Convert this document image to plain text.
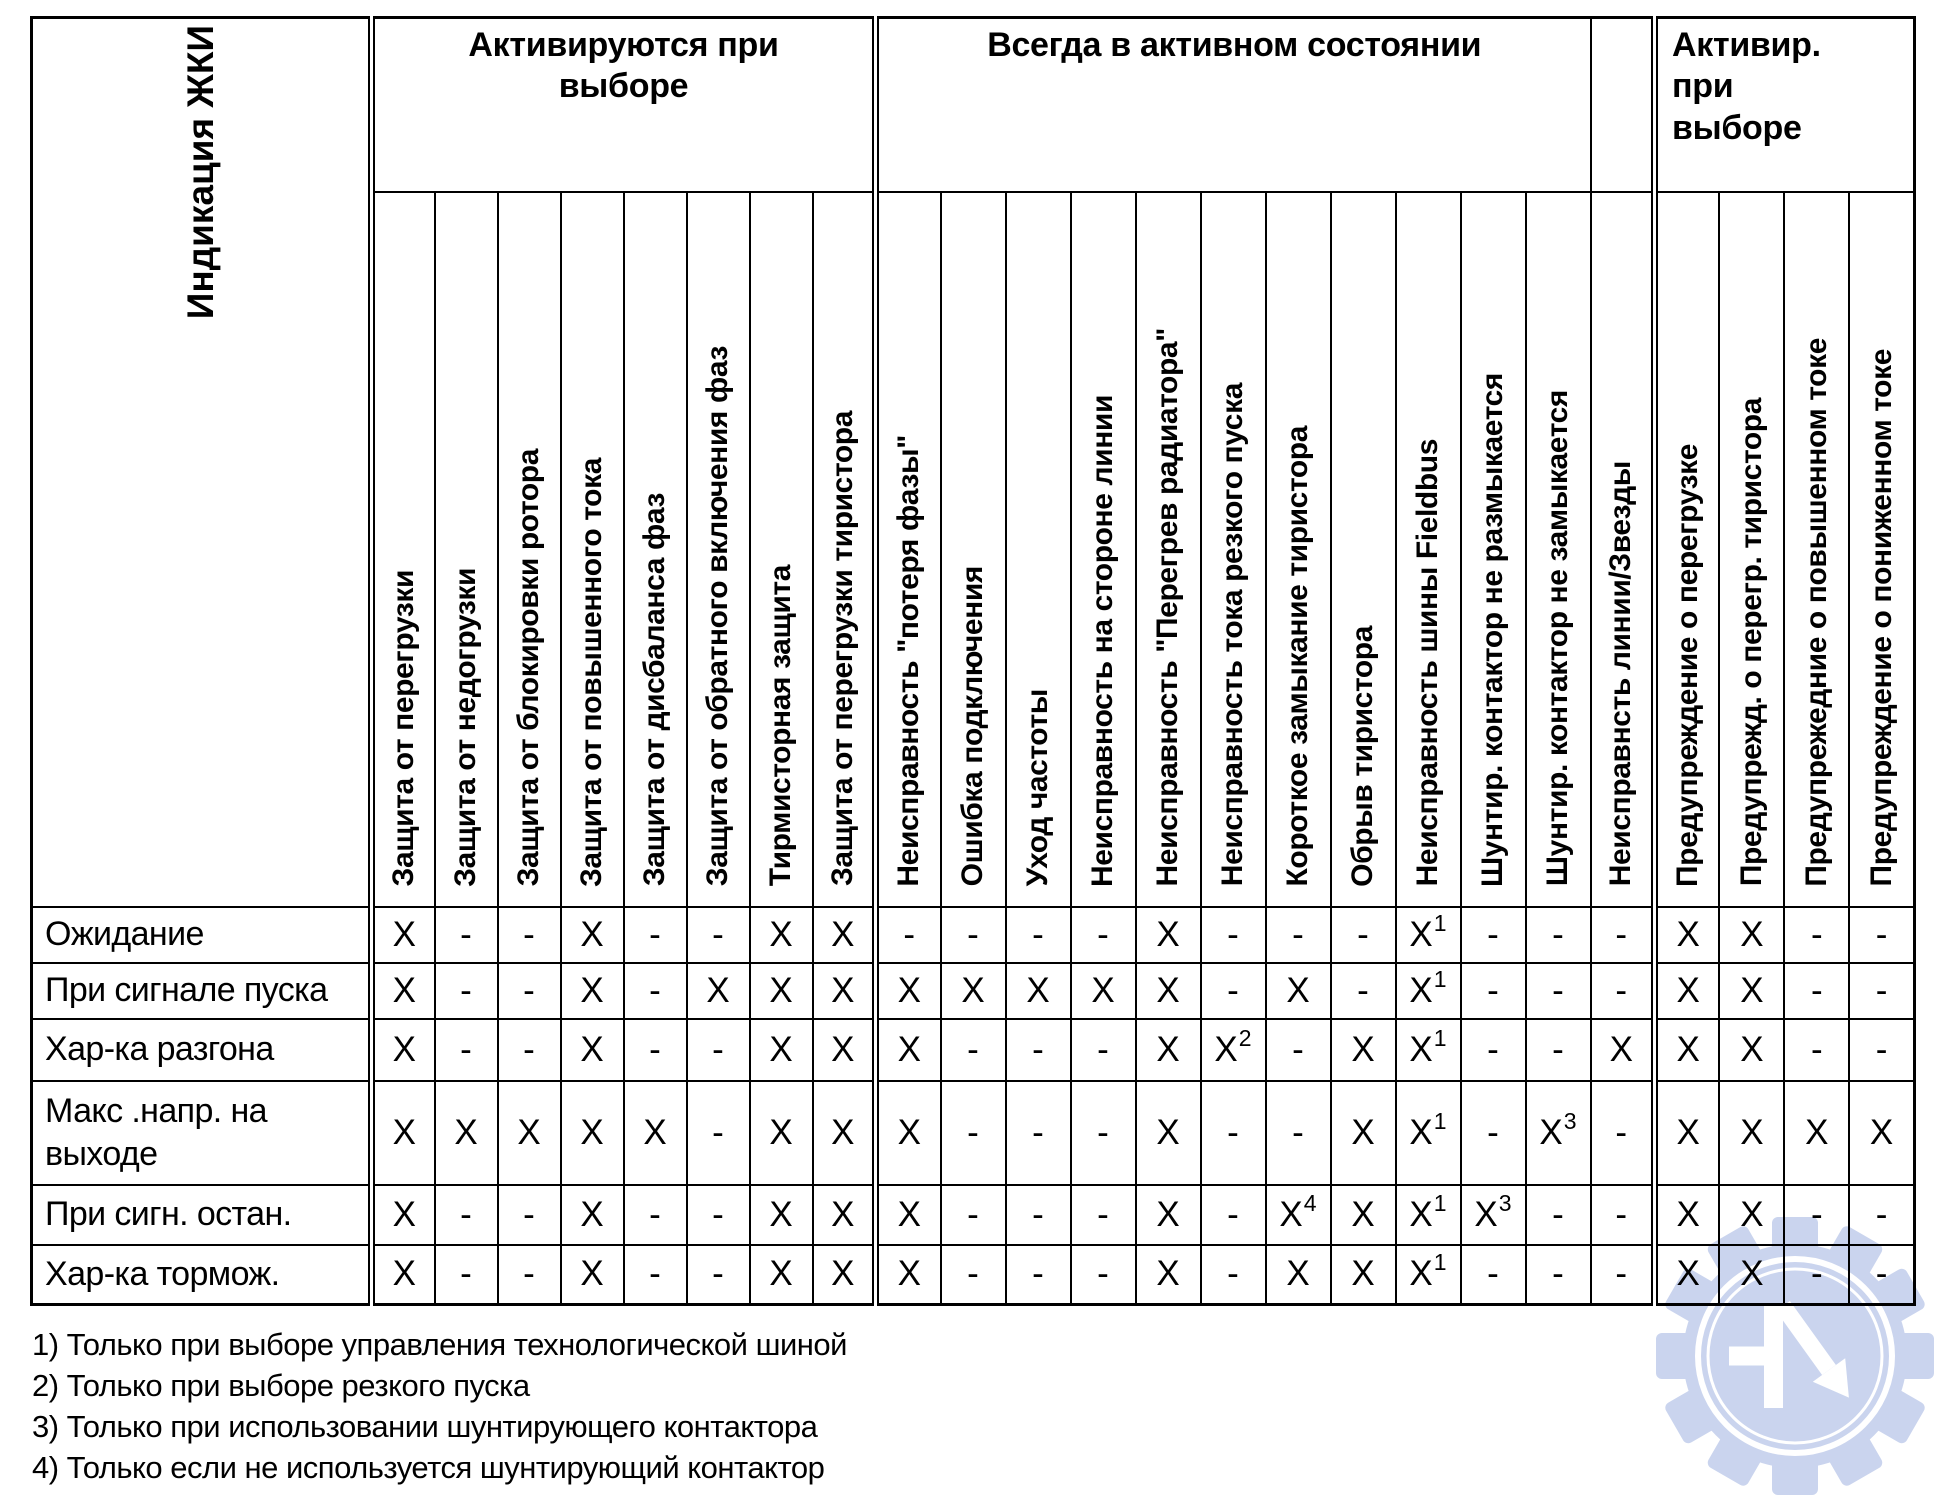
Индикация ЖКИ	Активируются при выборе								Всегда в активном состоянии												Активир. при выборе			
	Защита от перегрузки	Защита от недогрузки	Защита от блокировки ротора	Защита от повышенного тока	Защита от дисбаланса фаз	Защита от обратного включения фаз	Тирмисторная защита	Защита от перегрузки тиристора	Неисправность "потеря фазы"	Ошибка подключения	Уход частоты	Неисправность на стороне линии	Неисправность "Перегрев радиатора"	Неисправность тока резкого пуска	Короткое замыкание тиристора	Обрыв тиристора	Неисправность шины Fieldbus	Шунтир. контактор не размыкается	Шунтир. контактор не замыкается	Неисправнсть линии/Звезды	Предупреждение о перегрузке	Предупрежд. о перегр. тиристора	Предупрежедние о повышенном токе	Предупреждение о пониженном токе
Ожидание	X	-	-	X	-	-	X	X	-	-	-	-	X	-	-	-	$X^1$	-	-	-	X	X	-	-
При сигнале пуска	X	-	-	X	-	X	X	X	X	X	X	X	X	-	X	-	$X^1$	-	-	-	X	X	-	-
Хар-ка разгона	X	-	-	X	-	-	X	X	X	-	-	-	X	$X^2$	-	X	$X^1$	-	-	X	X	X	-	-
Макс .напр. на выходе	X	X	X	X	X	-	X	X	X	-	-	-	X	-	-	X	$X^1$	-	$X^3$	-	X	X	X	X
При сигн. остан.	X	-	-	X	-	-	X	X	X	-	-	-	X	-	$X^4$	X	$X^1$	$X^3$	-	-	X	X	-	-
Хар-ка тормож.	X	-	-	X	-	-	X	X	X	-	-	-	X	-	X	X	$X^1$	-	-	-	X	X	-	-
1) Только при выборе управления технологической шиной
2) Только при выборе резкого пуска
3) Только при использовании шунтирующего контактора
4) Только если не используется шунтирующий контактор
